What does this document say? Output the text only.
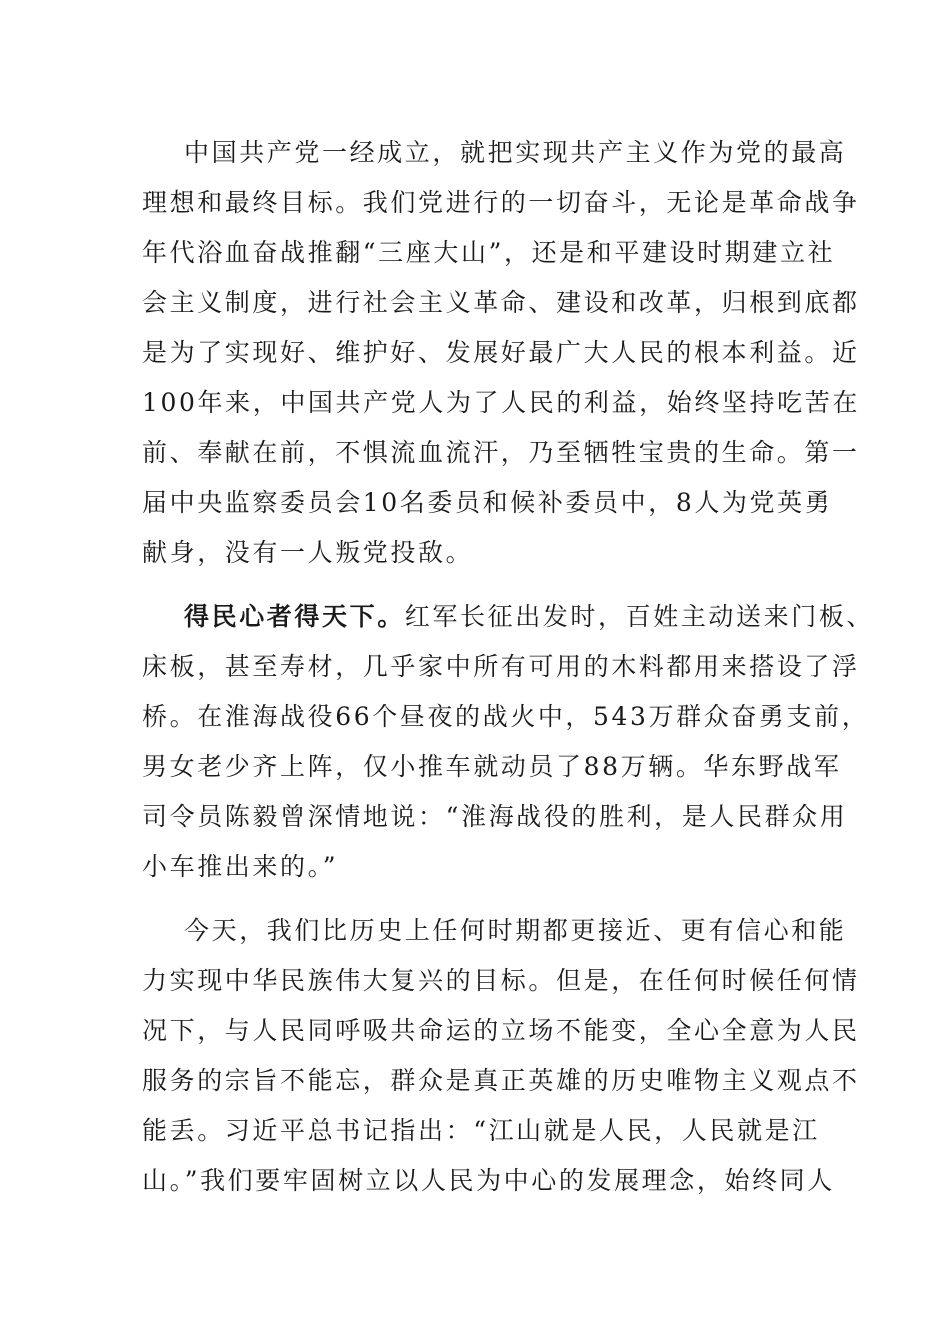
中国共产党一经成立，就把实现共产主义作为党的最高
理想和最终目标。我们党进行的一切奋斗，无论是革命战争
年代浴血奋战推翻“三座大山”，还是和平建设时期建立社
会主义制度，进行社会主义革命、建设和改革，归根到底都
是为了实现好、维护好、发展好最广大人民的根本利益。近
100年来，中国共产党人为了人民的利益，始终坚持吃苦在
前、奉献在前，不惧流血流汗，乃至牺牲宝贵的生命。第一
届中央监察委员会10名委员和候补委员中，8人为党英勇
献身，没有一人叛党投敌。
得民心者得天下。红军长征出发时，百姓主动送来门板、
床板，甚至寿材，几乎家中所有可用的木料都用来搭设了浮
桥。在淮海战役66个昼夜的战火中，543万群众奋勇支前，
男女老少齐上阵，仅小推车就动员了88万辆。华东野战军
司令员陈毅曾深情地说：“淮海战役的胜利，是人民群众用
小车推出来的。”
今天，我们比历史上任何时期都更接近、更有信心和能
力实现中华民族伟大复兴的目标。但是，在任何时候任何情
况下，与人民同呼吸共命运的立场不能变，全心全意为人民
服务的宗旨不能忘，群众是真正英雄的历史唯物主义观点不
能丢。习近平总书记指出：“江山就是人民，人民就是江
山。”我们要牢固树立以人民为中心的发展理念，始终同人
